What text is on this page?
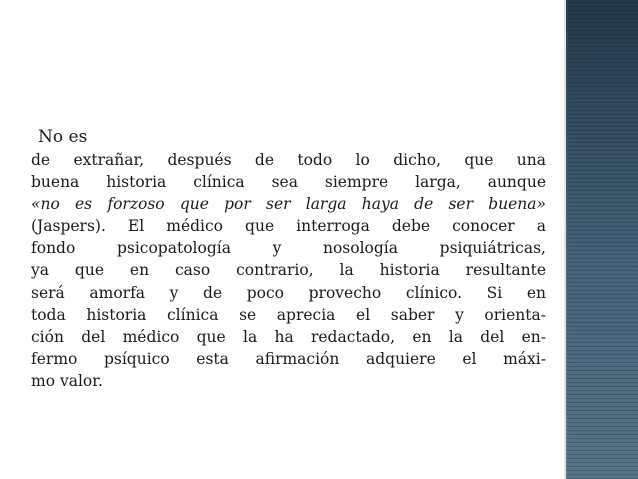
No es
de extrañar, después de todo lo dicho, que una
buena historia clínica sea siempre larga, aunque
«no es forzoso que por ser larga haya de ser buena»
(Jaspers). El médico que interroga debe conocer a
fondo psicopatología y nosología psiquiátricas,
ya que en caso contrario, la historia resultante
será amorfa y de poco provecho clínico. Si en
toda historia clínica se aprecia el saber y orienta-
ción del médico que la ha redactado, en la del en-
fermo psíquico esta afirmación adquiere el máxi-
mo valor.
